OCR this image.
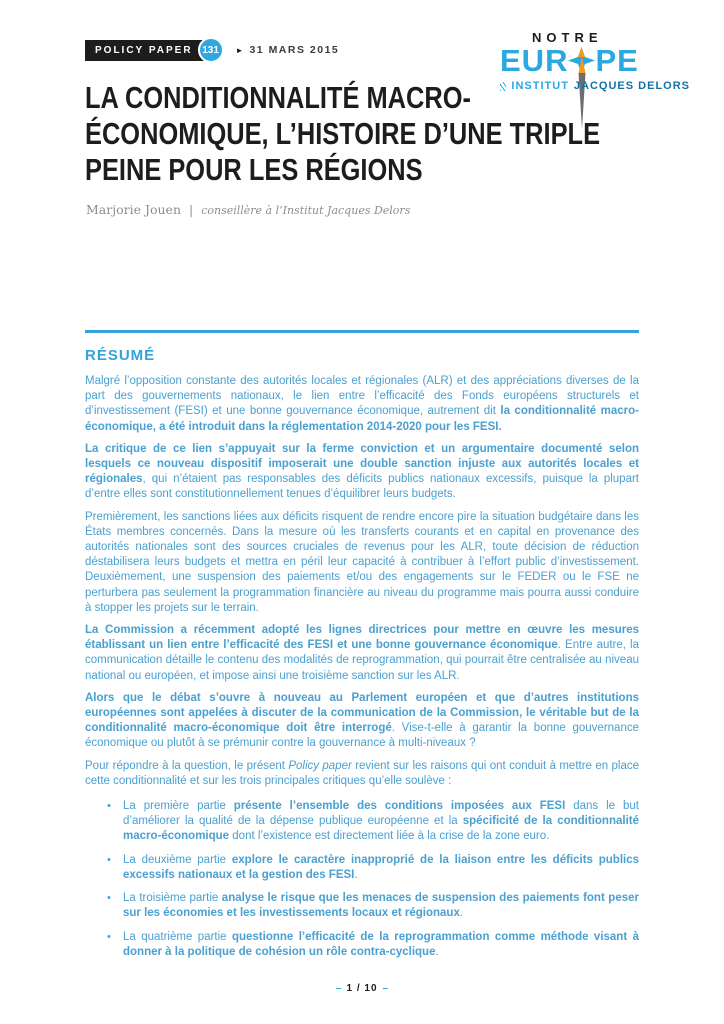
POLICY PAPER 131	► 31 MARS 2015
NOTRE
EUR PE
INSTITUT JACQUES DELORS
LA CONDITIONNALITÉ MACRO-
ÉCONOMIQUE, L’HISTOIRE D’UNE TRIPLE
PEINE POUR LES RÉGIONS
Marjorie Jouen | conseillère à l’Institut Jacques Delors
RÉSUMÉ

Malgré l’opposition constante des autorités locales et régionales (ALR) et des appréciations diverses de la part des gouvernements nationaux, le lien entre l’efficacité des Fonds européens structurels et d’investissement (FESI) et une bonne gouvernance économique, autrement dit la conditionnalité macro-économique, a été introduit dans la réglementation 2014-2020 pour les FESI.

La critique de ce lien s’appuyait sur la ferme conviction et un argumentaire documenté selon lesquels ce nouveau dispositif imposerait une double sanction injuste aux autorités locales et régionales, qui n’étaient pas responsables des déficits publics nationaux excessifs, puisque la plupart d’entre elles sont constitutionnellement tenues d’équilibrer leurs budgets.

Premièrement, les sanctions liées aux déficits risquent de rendre encore pire la situation budgétaire dans les États membres concernés. Dans la mesure où les transferts courants et en capital en provenance des autorités nationales sont des sources cruciales de revenus pour les ALR, toute décision de réduction déstabilisera leurs budgets et mettra en péril leur capacité à contribuer à l’effort public d’investissement. Deuxièmement, une suspension des paiements et/ou des engagements sur le FEDER ou le FSE ne perturbera pas seulement la programmation financière au niveau du programme mais pourra aussi conduire à stopper les projets sur le terrain.

La Commission a récemment adopté les lignes directrices pour mettre en œuvre les mesures établissant un lien entre l’efficacité des FESI et une bonne gouvernance économique. Entre autre, la communication détaille le contenu des modalités de reprogrammation, qui pourrait être centralisée au niveau national ou européen, et impose ainsi une troisième sanction sur les ALR.

Alors que le débat s’ouvre à nouveau au Parlement européen et que d’autres institutions européennes sont appelées à discuter de la communication de la Commission, le véritable but de la conditionnalité macro-économique doit être interrogé. Vise-t-elle à garantir la bonne gouvernance économique ou plutôt à se prémunir contre la gouvernance à multi-niveaux ?

Pour répondre à la question, le présent Policy paper revient sur les raisons qui ont conduit à mettre en place cette conditionnalité et sur les trois principales critiques qu’elle soulève :

•	La première partie présente l’ensemble des conditions imposées aux FESI dans le but d’améliorer la qualité de la dépense publique européenne et la spécificité de la conditionnalité macro-économique dont l’existence est directement liée à la crise de la zone euro.
•	La deuxième partie explore le caractère inapproprié de la liaison entre les déficits publics excessifs nationaux et la gestion des FESI.
•	La troisième partie analyse le risque que les menaces de suspension des paiements font peser sur les économies et les investissements locaux et régionaux.
•	La quatrième partie questionne l’efficacité de la reprogrammation comme méthode visant à donner à la politique de cohésion un rôle contra-cyclique.
– 1 / 10 –
